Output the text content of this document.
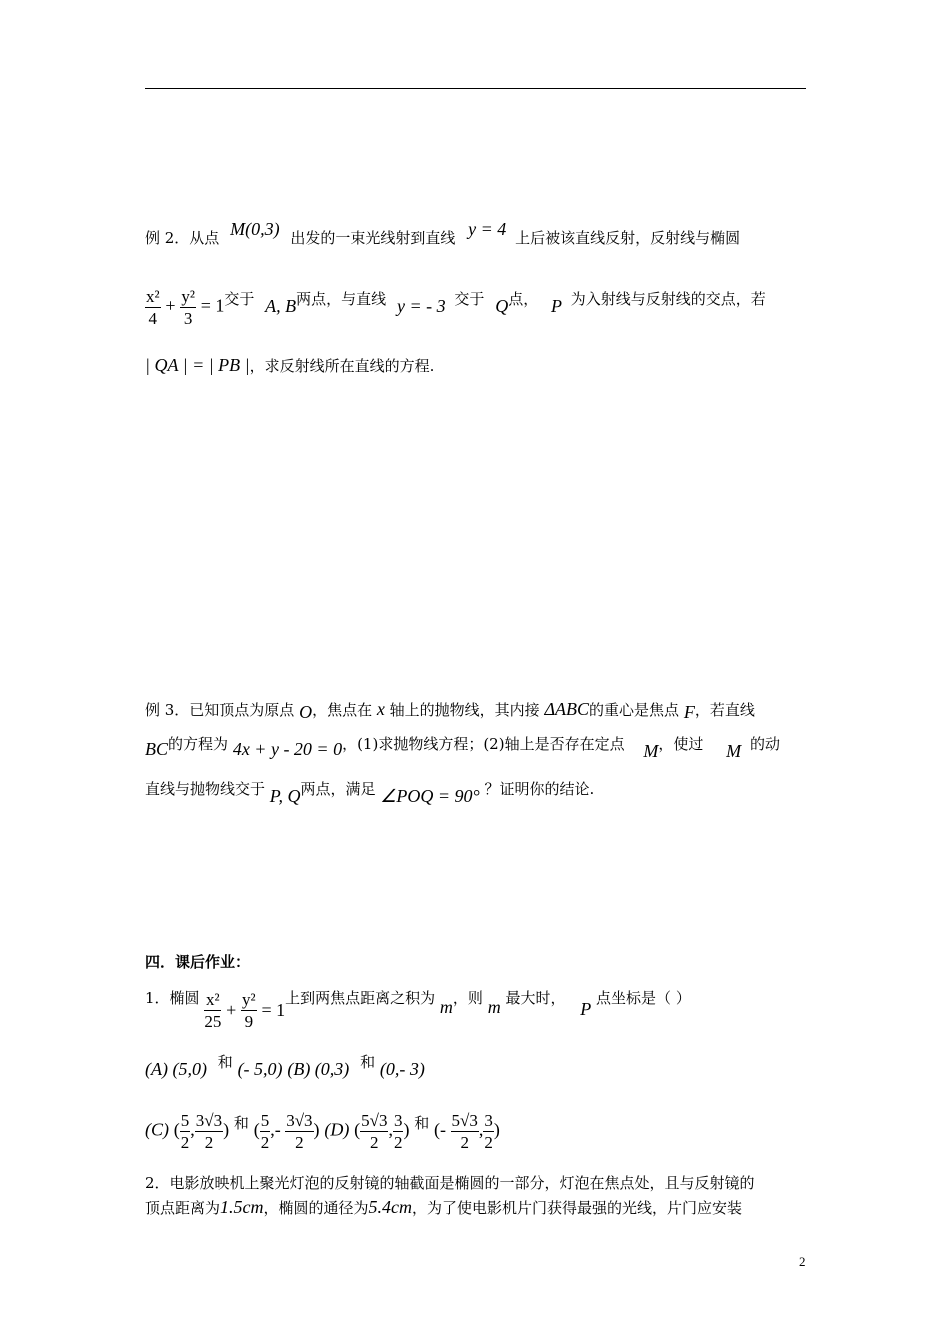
例 2．从点 M(0,3) 出发的一束光线射到直线 y = 4 上后被该直线反射，反射线与椭圆
$\frac{\text{x²}}{4} + \frac{\text{y²}}{3} = 1$交于 A, B两点，与直线 y = - 3 交于 Q点， P 为入射线与反射线的交点，若
| QA | = | PB |，求反射线所在直线的方程.
例 3．已知顶点为原点 O，焦点在 x 轴上的抛物线，其内接 ΔABC的重心是焦点 F，若直线
BC的方程为 4x + y - 20 = 0，(1)求抛物线方程；(2)轴上是否存在定点 M，使过 M 的动
直线与抛物线交于 P, Q两点，满足 ∠POQ = 90° ？证明你的结论.
四．课后作业：
1．椭圆 $\frac{\text{x²}}{25} + \frac{\text{y²}}{9} = 1$上到两焦点距离之积为 m，则 m 最大时， P 点坐标是（ ）
(A) (5,0) 和 (- 5,0) (B) (0,3) 和 (0,- 3)
(C) ( $\frac{5}{2}$ , $\frac{3√3}{2}$ ) 和 ( $\frac{5}{2}$ ,- $\frac{3√3}{2}$ ) (D) ( $\frac{5√3}{2}$ , $\frac{3}{2}$ ) 和 (- $\frac{5√3}{2}$ , $\frac{3}{2}$ )
2．电影放映机上聚光灯泡的反射镜的轴截面是椭圆的一部分，灯泡在焦点处，且与反射镜的
顶点距离为1.5cm，椭圆的通径为5.4cm，为了使电影机片门获得最强的光线，片门应安装
2
